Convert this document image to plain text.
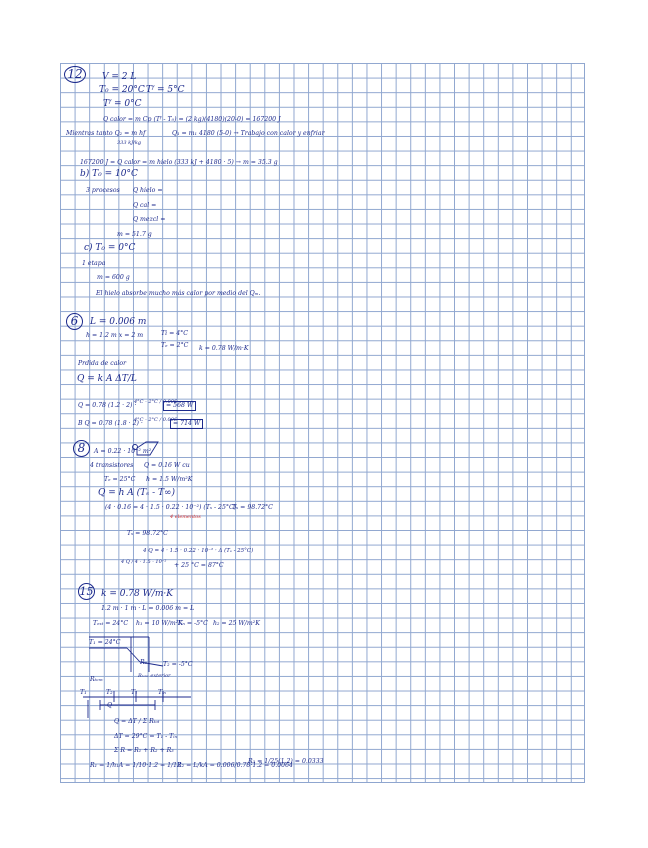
12	V = 2 L
T₀ = 20°C Tᶠ = 5°C
Tᶠ = 0°C
Q calor = m Cp (Tᶠ - T₀) = (2 kg)(4180)(20-0) = 167200 J
Mientras tanto Q₂ = m hf
333 kJ/kg
Q₁ = m₁ 4180 (5-0) → Trabajo con calor y enfriar
167200 J = Q calor = m hielo (333 kJ + 4180 · 5) → m = 35.3 g
b) T₀ = 10°C
3 procesos Q hielo =
Q cal =
Q mezcl =
m = 51.7 g
c) T₀ = 0°C
1 etapa
m = 600 g
El hielo absorbe mucho más calor por medio del Qₘ.
6	L = 0.006 m
h = 1.2 m x = 2 m	Ti = 4°C
Tₑ = 2°C k = 0.78 W/m·K
Prdida de calor
Q = k A ΔT/L
Q = 0.78 (1.2 · 2) ·
4°C - 2°C / 0.006
= 568 W
B Q = 0.78 (1.8 · 2) ·
4°C - 2°C / 0.006
= 714 W
8	A = 0.22 · 10⁻² m²
4 transistores Q = 0.16 W cu
Tₑ = 25°C h = 1.5 W/m²K
Q = h A (Tₛ - T∞)
(4 · 0.16 = 4 · 1.5 · 0.22 · 10⁻²) (Tₛ - 25°C)
Tₛ = 98.72°C
4 elementos
Tₛ = 98.72°C
4 Q = 4 · 1.5 · 0.22 · 10⁻² · Δ (Tₛ - 25°C)
4 Q / 4 · 1.5 · 10⁻² + 25 °C = 87°C
15 k = 0.78 W/m·K
1.2 m · 1 m · L = 0.006 m = L
Tₑₓₜ = 24°C h₁ = 10 W/m²K
Tᵢₙ = -5°C h₂ = 25 W/m²K
T₁ = 24°C
Rₑ	T₂ = -5°C
Rₜₒₙᵥ	Rₜₒₙᵥ exterior
T₁	T₂	T₁	Tᵢₙ
Q
Q = ΔT / Σ Rₜₒₜ
ΔT = 29°C = T₁ - Tᵢₙ
Σ R = R₁ + R₂ + R₃
R₁ = 1/h₁A = 1/10·1.2 = 1/12
R₂ = L/kA = 0.006/0.78·1.2 = 0.0064
R₃ = 1/25(1.2) = 0.0333
